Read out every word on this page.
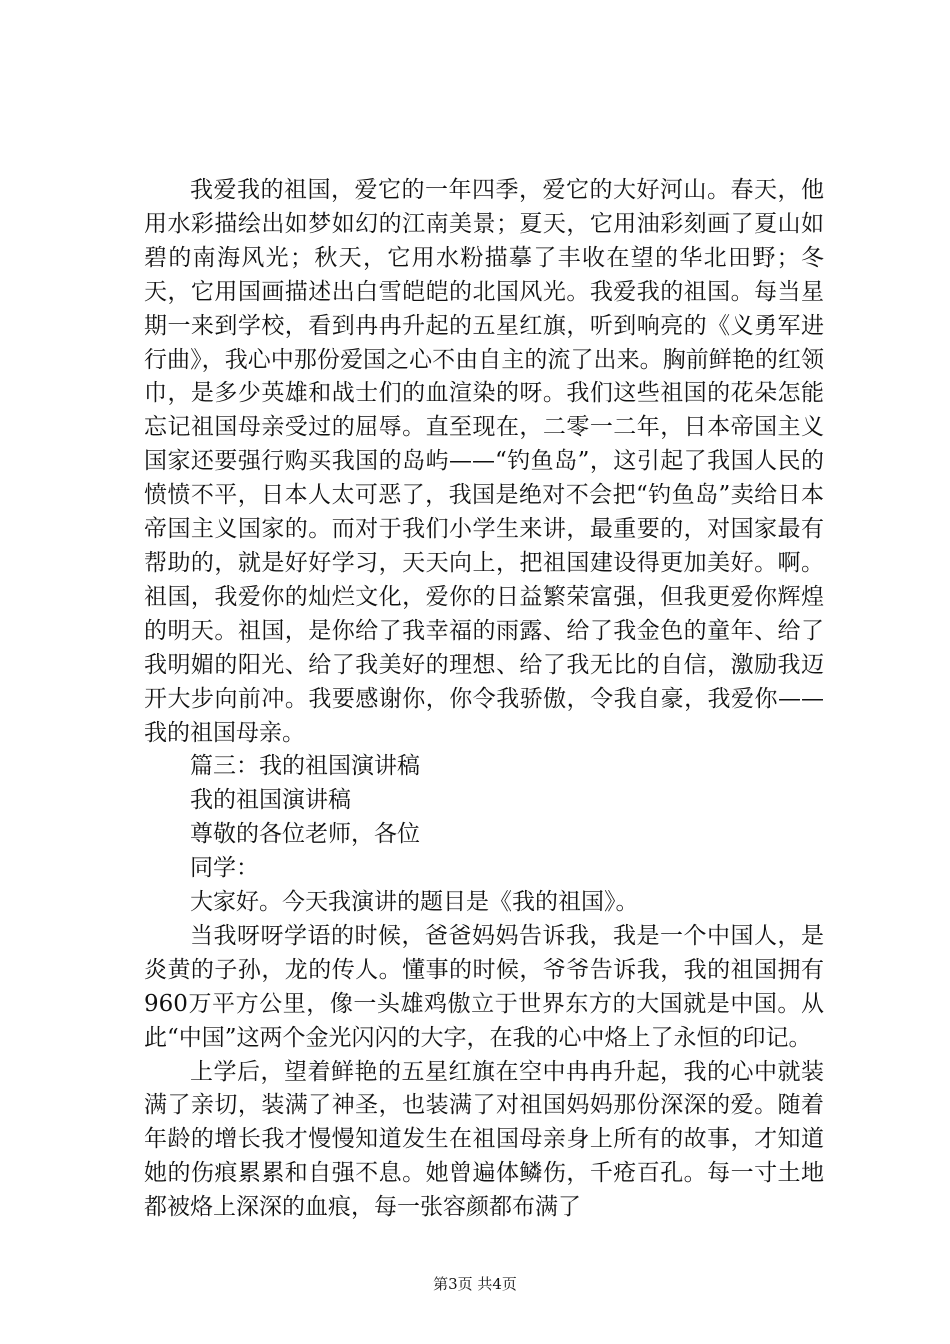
我爱我的祖国，爱它的一年四季，爱它的大好河山。春天，他用水彩描绘出如梦如幻的江南美景；夏天，它用油彩刻画了夏山如碧的南海风光；秋天，它用水粉描摹了丰收在望的华北田野；冬天，它用国画描述出白雪皑皑的北国风光。我爱我的祖国。每当星期一来到学校，看到冉冉升起的五星红旗，听到响亮的《义勇军进行曲》，我心中那份爱国之心不由自主的流了出来。胸前鲜艳的红领巾，是多少英雄和战士们的血渲染的呀。我们这些祖国的花朵怎能忘记祖国母亲受过的屈辱。直至现在，二零一二年，日本帝国主义国家还要强行购买我国的岛屿——“钓鱼岛”，这引起了我国人民的愤愤不平，日本人太可恶了，我国是绝对不会把“钓鱼岛”卖给日本帝国主义国家的。而对于我们小学生来讲，最重要的，对国家最有帮助的，就是好好学习，天天向上，把祖国建设得更加美好。啊。祖国，我爱你的灿烂文化，爱你的日益繁荣富强，但我更爱你辉煌的明天。祖国，是你给了我幸福的雨露、给了我金色的童年、给了我明媚的阳光、给了我美好的理想、给了我无比的自信，激励我迈开大步向前冲。我要感谢你，你令我骄傲，令我自豪，我爱你——我的祖国母亲。

篇三：我的祖国演讲稿

我的祖国演讲稿

尊敬的各位老师，各位

同学：

大家好。今天我演讲的题目是《我的祖国》。

当我呀呀学语的时候，爸爸妈妈告诉我，我是一个中国人，是炎黄的子孙，龙的传人。懂事的时候，爷爷告诉我，我的祖国拥有960万平方公里，像一头雄鸡傲立于世界东方的大国就是中国。从此“中国”这两个金光闪闪的大字，在我的心中烙上了永恒的印记。

上学后，望着鲜艳的五星红旗在空中冉冉升起，我的心中就装满了亲切，装满了神圣，也装满了对祖国妈妈那份深深的爱。随着年龄的增长我才慢慢知道发生在祖国母亲身上所有的故事，才知道她的伤痕累累和自强不息。她曾遍体鳞伤，千疮百孔。每一寸土地都被烙上深深的血痕，每一张容颜都布满了

第3页 共4页
